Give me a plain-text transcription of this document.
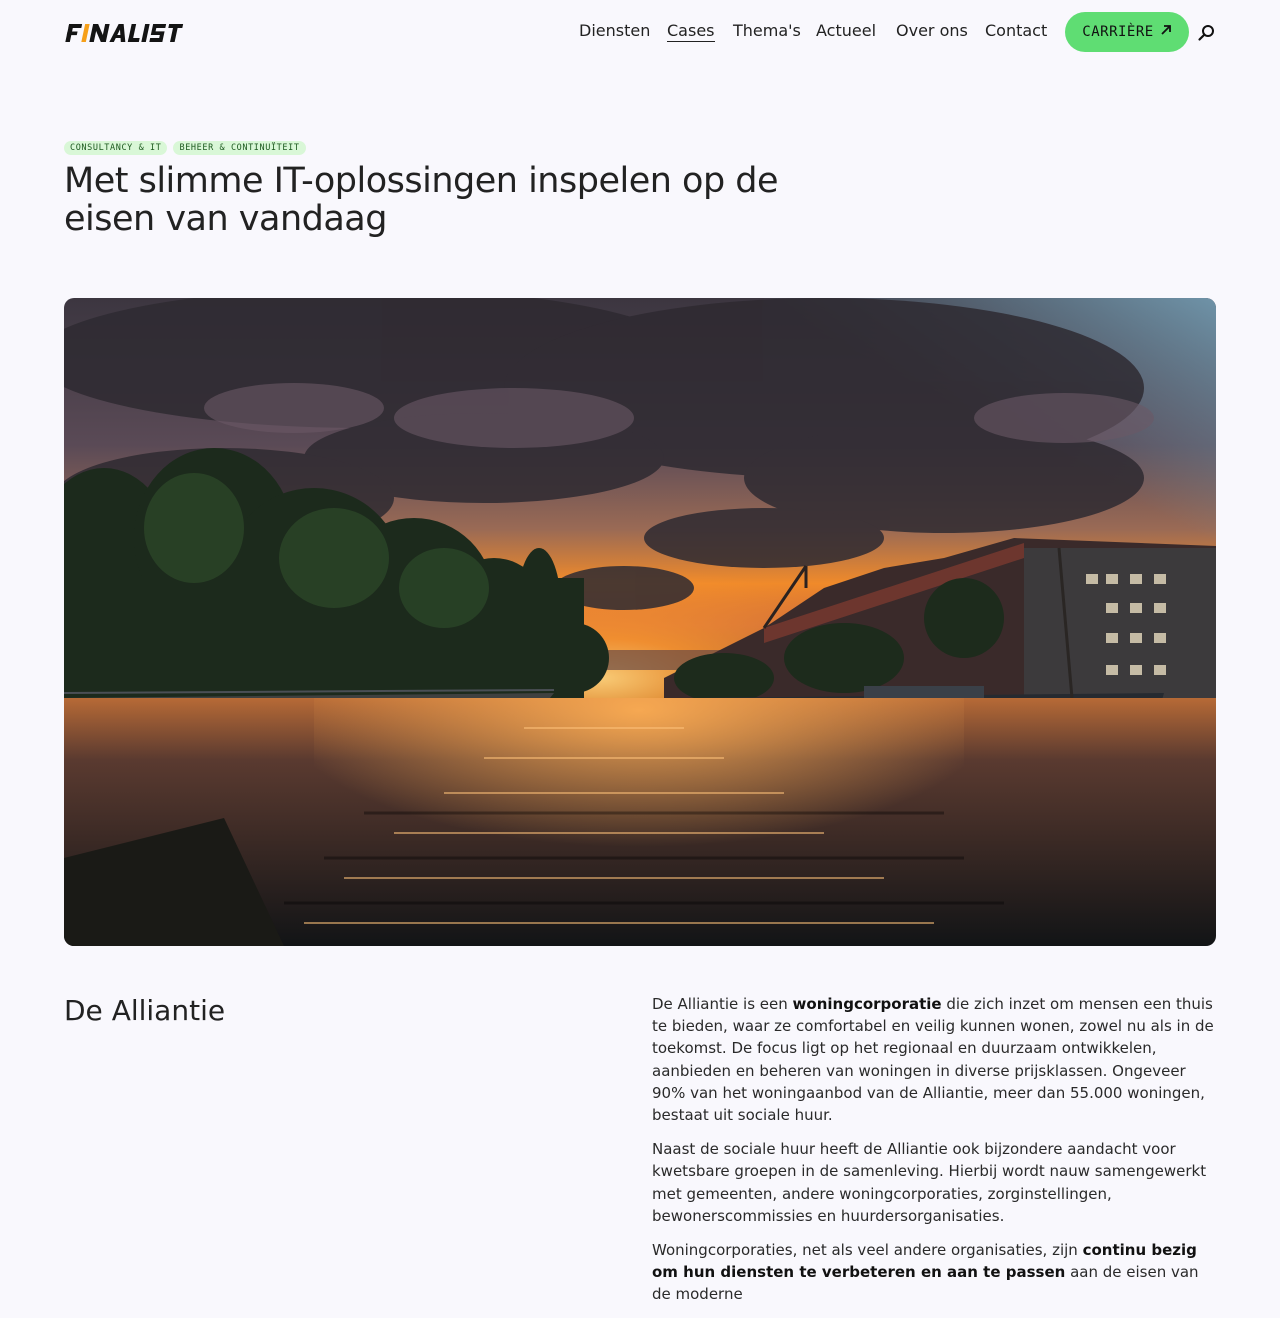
Diensten Cases Thema's Actueel Over ons Contact	CARRIÈRE
CONSULTANCY & IT	BEHEER & CONTINUÏTEIT
Met slimme IT-oplossingen inspelen op de eisen van vandaag
De Alliantie	De Alliantie is een woningcorporatie die zich inzet om mensen een thuis te bieden, waar ze comfortabel en veilig kunnen wonen, zowel nu als in de toekomst. De focus ligt op het regionaal en duurzaam ontwikkelen, aanbieden en beheren van woningen in diverse prijsklassen. Ongeveer 90% van het woningaanbod van de Alliantie, meer dan 55.000 woningen, bestaat uit sociale huur.

Naast de sociale huur heeft de Alliantie ook bijzondere aandacht voor kwetsbare groepen in de samenleving. Hierbij wordt nauw samengewerkt met gemeenten, andere woningcorporaties, zorginstellingen, bewonerscommissies en huurdersorganisaties.

Woningcorporaties, net als veel andere organisaties, zijn continu bezig om hun diensten te verbeteren en aan te passen aan de eisen van de moderne
